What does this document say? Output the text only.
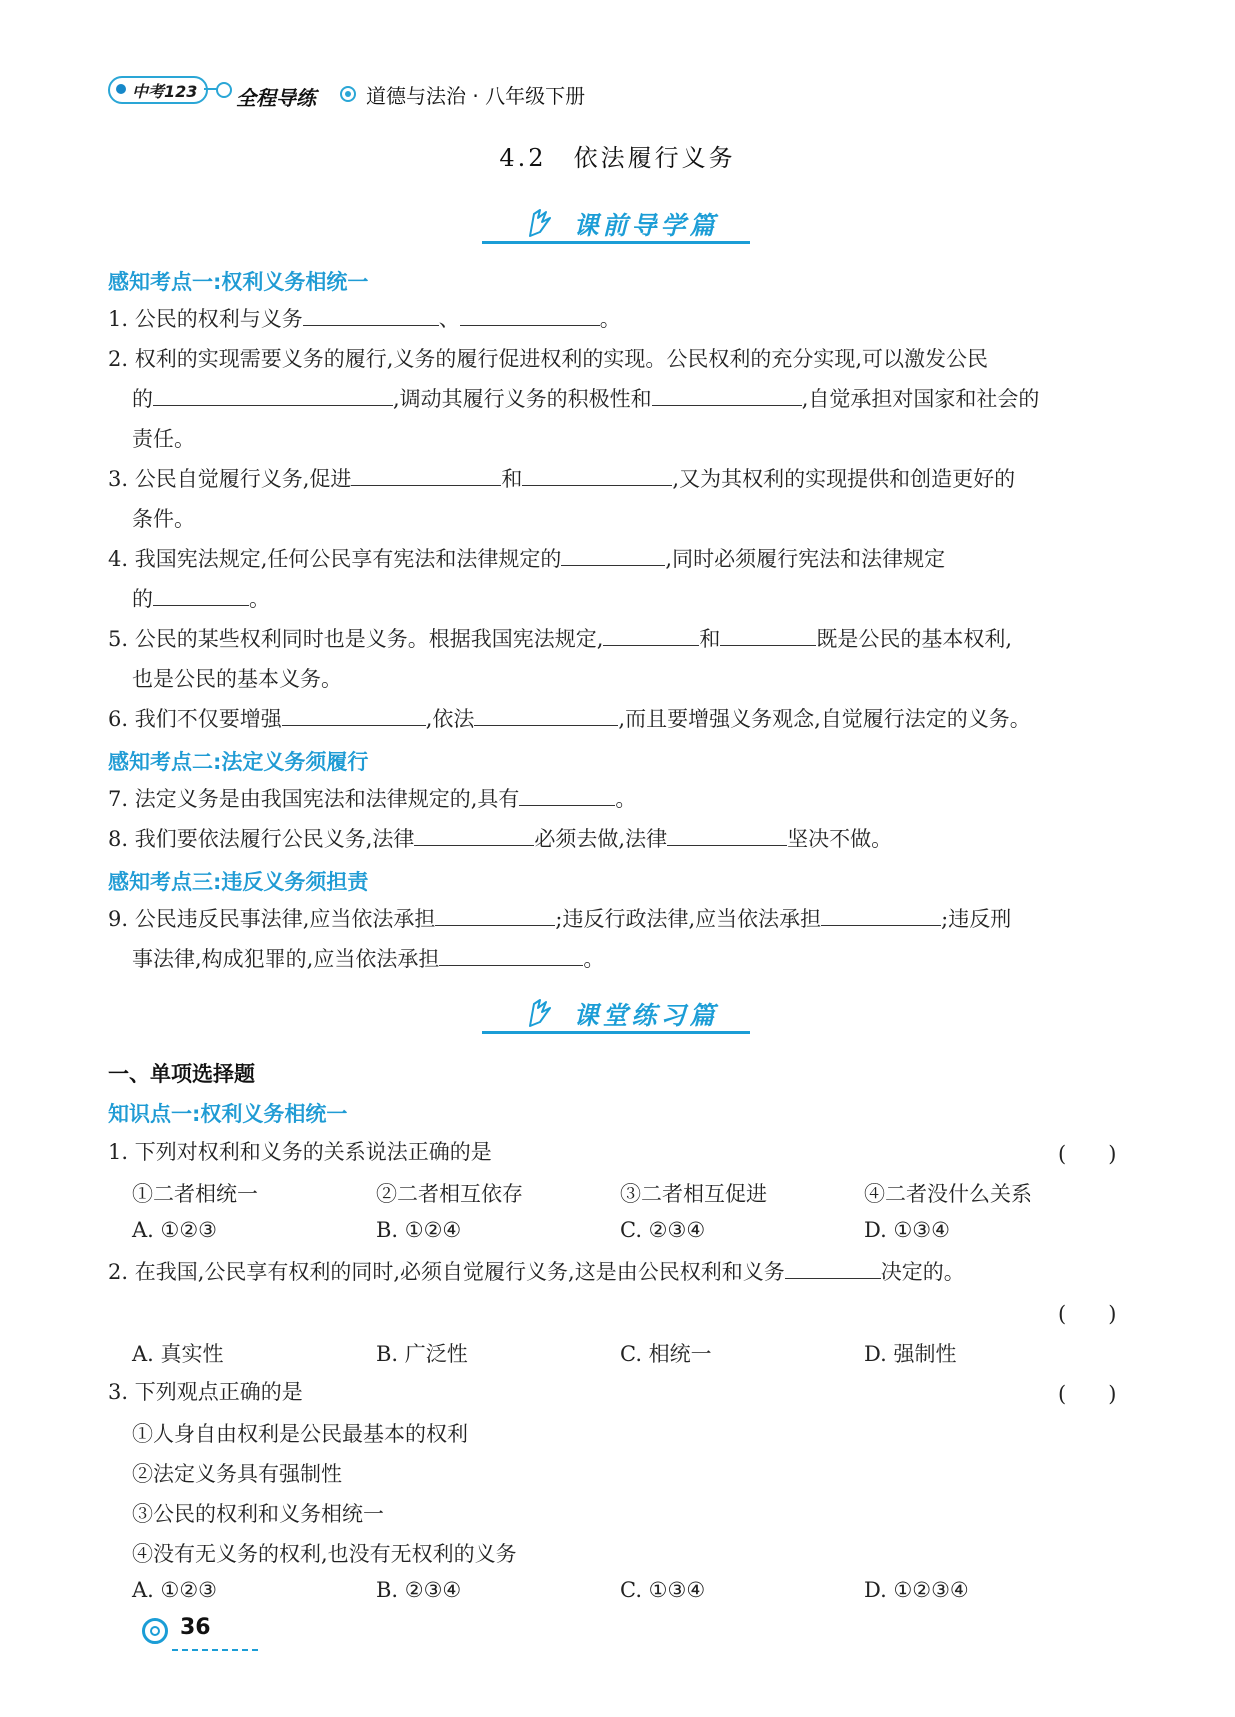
中考123 全程导练	道德与法治 · 八年级下册
4.2　依法履行义务
课前导学篇
感知考点一:权利义务相统一
1. 公民的权利与义务	、	。
2. 权利的实现需要义务的履行,义务的履行促进权利的实现。公民权利的充分实现,可以激发公民
的	,调动其履行义务的积极性和	,自觉承担对国家和社会的
责任。
3. 公民自觉履行义务,促进	和	,又为其权利的实现提供和创造更好的
条件。
4. 我国宪法规定,任何公民享有宪法和法律规定的	,同时必须履行宪法和法律规定
的	。
5. 公民的某些权利同时也是义务。根据我国宪法规定,	和	既是公民的基本权利,
也是公民的基本义务。
6. 我们不仅要增强	,依法	,而且要增强义务观念,自觉履行法定的义务。
感知考点二:法定义务须履行
7. 法定义务是由我国宪法和法律规定的,具有	。
8. 我们要依法履行公民义务,法律	必须去做,法律	坚决不做。
感知考点三:违反义务须担责
9. 公民违反民事法律,应当依法承担	;违反行政法律,应当依法承担	;违反刑
事法律,构成犯罪的,应当依法承担	。
课堂练习篇
一、单项选择题
知识点一:权利义务相统一
1. 下列对权利和义务的关系说法正确的是	(　　)
①二者相统一	②二者相互依存	③二者相互促进	④二者没什么关系
A. ①②③	B. ①②④	C. ②③④	D. ①③④
2. 在我国,公民享有权利的同时,必须自觉履行义务,这是由公民权利和义务	决定的。
(　　)
A. 真实性	B. 广泛性	C. 相统一	D. 强制性
3. 下列观点正确的是	(　　)
①人身自由权利是公民最基本的权利
②法定义务具有强制性
③公民的权利和义务相统一
④没有无义务的权利,也没有无权利的义务
A. ①②③	B. ②③④	C. ①③④	D. ①②③④
36
